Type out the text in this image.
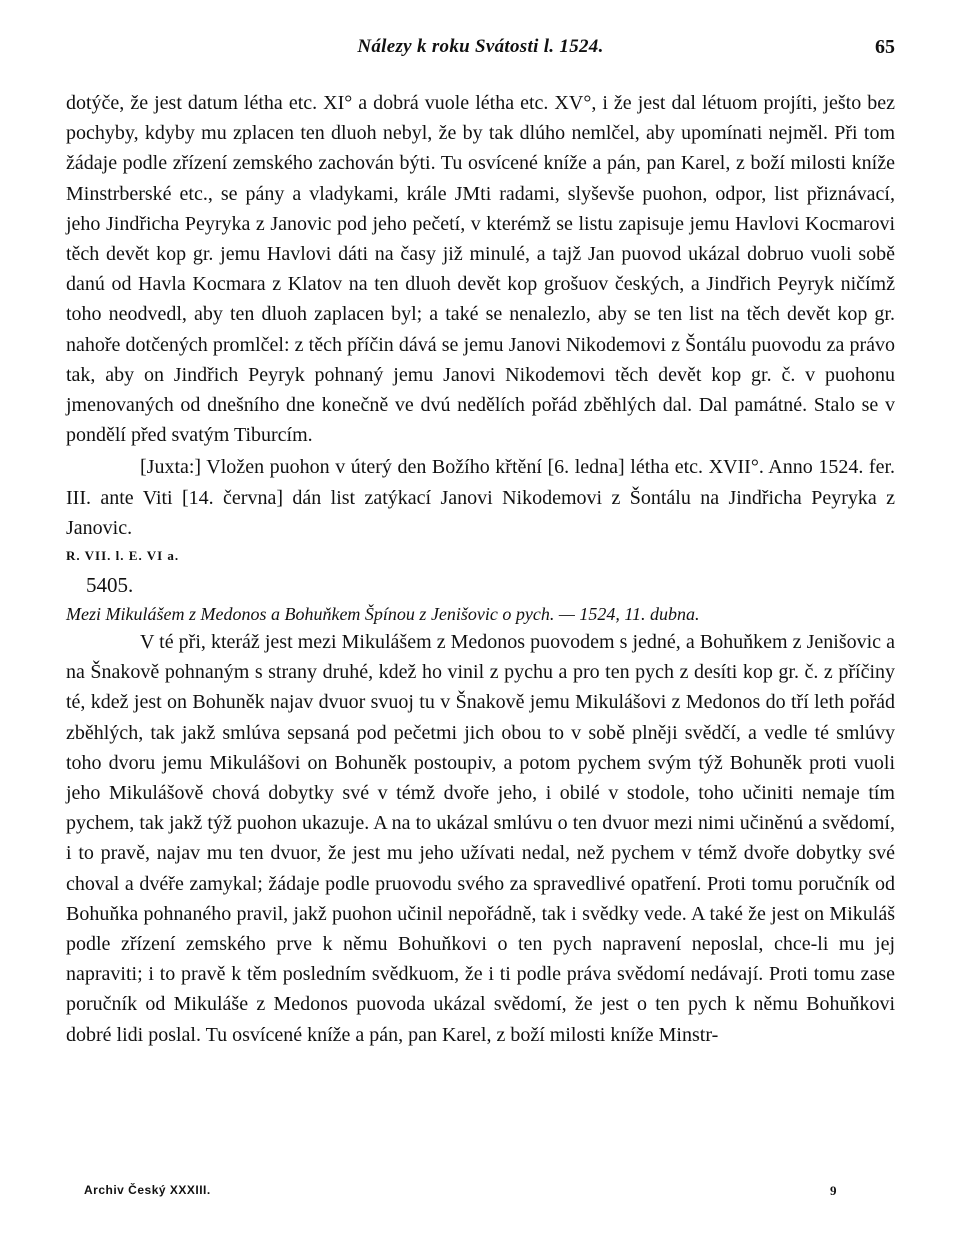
Nálezy k roku Svátosti l. 1524.	65

dotýče, že jest datum létha etc. XI° a dobrá vuole létha etc. XV°, i že jest dal létuom projíti, ješto bez pochyby, kdyby mu zplacen ten dluoh nebyl, že by tak dlúho nemlčel, aby upomínati nejměl. Při tom žádaje podle zřízení zemského zachován býti. Tu osvícené kníže a pán, pan Karel, z boží milosti kníže Minstrberské etc., se pány a vladykami, krále JMti radami, slyševše puohon, odpor, list přiznávací, jeho Jindřicha Peyryka z Janovic pod jeho pečetí, v kterémž se listu zapisuje jemu Havlovi Kocmarovi těch devět kop gr. jemu Havlovi dáti na časy již minulé, a tajž Jan puovod ukázal dobruo vuoli sobě danú od Havla Kocmara z Klatov na ten dluoh devět kop grošuov českých, a Jindřich Peyryk ničímž toho neodvedl, aby ten dluoh zaplacen byl; a také se nenalezlo, aby se ten list na těch devět kop gr. nahoře dotčených promlčel: z těch příčin dává se jemu Janovi Nikodemovi z Šontálu puovodu za právo tak, aby on Jindřich Peyryk pohnaný jemu Janovi Nikodemovi těch devět kop gr. č. v puohonu jmenovaných od dnešního dne konečně ve dvú nedělích pořád zběhlých dal. Dal památné. Stalo se v pondělí před svatým Tiburcím.

[Juxta:] Vložen puohon v úterý den Božího křtění [6. ledna] létha etc. XVII°. Anno 1524. fer. III. ante Viti [14. června] dán list zatýkací Janovi Nikodemovi z Šontálu na Jindřicha Peyryka z Janovic.

R. VII. l. E. VI a.

5405.

Mezi Mikulášem z Medonos a Bohuňkem Špínou z Jenišovic o pych. — 1524, 11. dubna.

V té při, kteráž jest mezi Mikulášem z Medonos puovodem s jedné, a Bohuňkem z Jenišovic a na Šnakově pohnaným s strany druhé, kdež ho vinil z pychu a pro ten pych z desíti kop gr. č. z příčiny té, kdež jest on Bohuněk najav dvuor svuoj tu v Šnakově jemu Mikulášovi z Medonos do tří leth pořád zběhlých, tak jakž smlúva sepsaná pod pečetmi jich obou to v sobě plněji svědčí, a vedle té smlúvy toho dvoru jemu Mikulášovi on Bohuněk postoupiv, a potom pychem svým týž Bohuněk proti vuoli jeho Mikulášově chová dobytky své v témž dvoře jeho, i obilé v stodole, toho učiniti nemaje tím pychem, tak jakž týž puohon ukazuje. A na to ukázal smlúvu o ten dvuor mezi nimi učiněnú a svědomí, i to pravě, najav mu ten dvuor, že jest mu jeho užívati nedal, než pychem v témž dvoře dobytky své choval a dvéře zamykal; žádaje podle pruovodu svého za spravedlivé opatření. Proti tomu poručník od Bohuňka pohnaného pravil, jakž puohon učinil nepořádně, tak i svědky vede. A také že jest on Mikuláš podle zřízení zemského prve k němu Bohuňkovi o ten pych napravení neposlal, chce-li mu jej napraviti; i to pravě k těm posledním svědkuom, že i ti podle práva svědomí nedávají. Proti tomu zase poručník od Mikuláše z Medonos puovoda ukázal svědomí, že jest o ten pych k němu Bohuňkovi dobré lidi poslal. Tu osvícené kníže a pán, pan Karel, z boží milosti kníže Minstr-

Archiv Český XXXIII.	9
